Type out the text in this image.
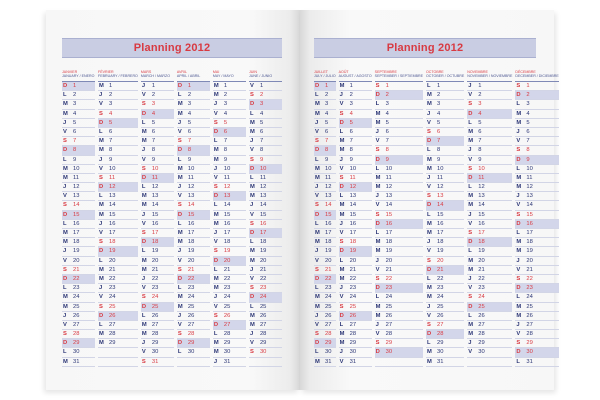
Planning 2012
JANVIER
JANUARY / ENERO
D	1
L	2
M 3
M 4
J	5
V	6
S	7
D	8
L	9
M 10
M 11
J	12
V	13
S	14
D	15
L	16
M 17
M 18
J	19
V	20
S	21
D	22
L	23
M 24
M 25
J	26
V	27
S	28
D	29
L	30
M 31
FÉVRIER
FEBRUARY / FEBRERO
M 1
J	2
V	3
S	4
D	5
L	6
M 7
M 8
J	9
V	10
S	11
D	12
L	13
M 14
M 15
J	16
V	17
S	18
D	19
L	20
M 21
M 22
J	23
V	24
S	25
D	26
L	27
M 28
M 29
MARS
MARCH / MARZO
J	1
V	2
S	3
D	4
L	5
M 6
M 7
J	8
V	9
S	10
D	11
L	12
M 13
M 14
J	15
V	16
S	17
D	18
L	19
M 20
M 21
J	22
V	23
S	24
D	25
L	26
M 27
M 28
J	29
V	30
S	31
AVRIL
APRIL / ABRIL
D	1
L	2
M 3
M 4
J	5
V	6
S	7
D	8
L	9
M 10
M 11
J	12
V	13
S	14
D	15
L	16
M 17
M 18
J	19
V	20
S	21
D	22
L	23
M 24
M 25
J	26
V	27
S	28
D	29
L	30
MAI
MAY / MAYO
M 1
M 2
J	3
V	4
S	5
D	6
L	7
M 8
M 9
J	10
V	11
S	12
D	13
L	14
M 15
M 16
J	17
V	18
S	19
D	20
L	21
M 22
M 23
J	24
V	25
S	26
D	27
L	28
M 29
M 30
J	31
JUIN
JUNE / JUNIO
V	1
S	2
D	3
L	4
M 5
M 6
J	7
V	8
S	9
D	10
L	11
M 12
M 13
J	14
V	15
S	16
D	17
L	18
M 19
M 20
J	21
V	22
S	23
D	24
L	25
M 26
M 27
J	28
V	29
S	30
Planning 2012
JUILLET
JULY / JULIO
D	1
L	2
M 3
M 4
J	5
V	6
S	7
D	8
L	9
M 10
M 11
J	12
V	13
S	14
D	15
L	16
M 17
M 18
J	19
V	20
S	21
D	22
L	23
M 24
M 25
J	26
V	27
S	28
D	29
L	30
M 31
AOÛT
AUGUST / AGOSTO
M 1
J	2
V	3
S	4
D	5
L	6
M 7
M 8
J	9
V	10
S	11
D	12
L	13
M 14
M 15
J	16
V	17
S	18
D	19
L	20
M 21
M 22
J	23
V	24
S	25
D	26
L	27
M 28
M 29
J	30
V	31
SEPTEMBRE
SEPTEMBER / SEPTIEMBRE
S	1
D	2
L	3
M 4
M 5
J	6
V	7
S	8
D	9
L	10
M 11
M 12
J	13
V	14
S	15
D	16
L	17
M 18
M 19
J	20
V	21
S	22
D	23
L	24
M 25
M 26
J	27
V	28
S	29
D	30
OCTOBRE
OCTOBER / OCTUBRE
L	1
M 2
M 3
J	4
V	5
S	6
D	7
L	8
M 9
M 10
J	11
V	12
S	13
D	14
L	15
M 16
M 17
J	18
V	19
S	20
D	21
L	22
M 23
M 24
J	25
V	26
S	27
D	28
L	29
M 30
M 31
NOVEMBRE
NOVEMBER / NOVIEMBRE
J	1
V	2
S	3
D	4
L	5
M 6
M 7
J	8
V	9
S	10
D	11
L	12
M 13
M 14
J	15
V	16
S	17
D	18
L	19
M 20
M 21
J	22
V	23
S	24
D	25
L	26
M 27
M 28
J	29
V	30
DÉCEMBRE
DECEMBER / DICIEMBRE
S	1
D	2
L	3
M 4
M 5
J	6
V	7
S	8
D	9
L	10
M 11
M 12
J	13
V	14
S	15
D	16
L	17
M 18
M 19
J	20
V	21
S	22
D	23
L	24
M 25
M 26
J	27
V	28
S	29
D	30
L	31
